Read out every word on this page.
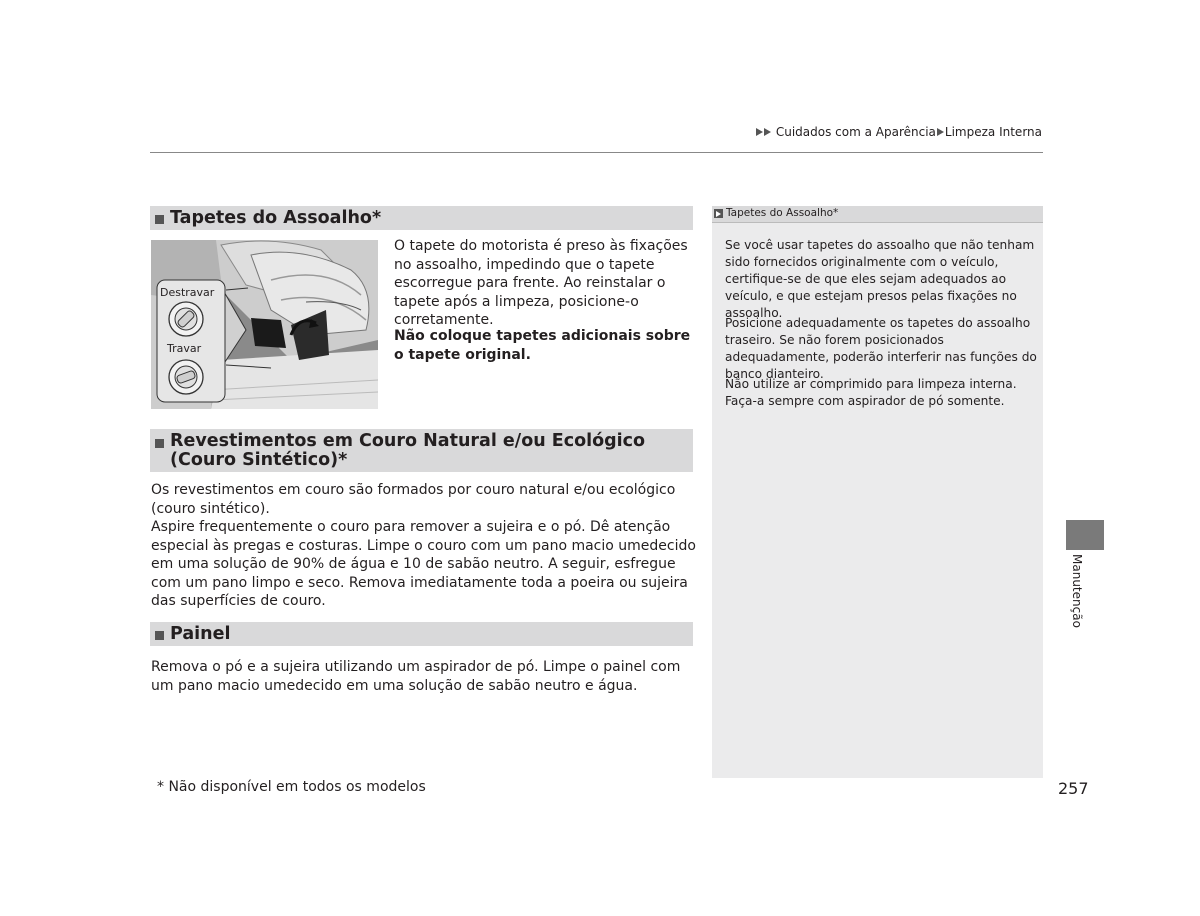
Cuidados com a Aparência Limpeza Interna
Tapetes do Assoalho*
Destravar
Travar
O tapete do motorista é preso às fixações no assoalho, impedindo que o tapete escorregue para frente. Ao reinstalar o tapete após a limpeza, posicione-o corretamente.
Não coloque tapetes adicionais sobre o tapete original.
Revestimentos em Couro Natural e/ou Ecológico
(Couro Sintético)*
Os revestimentos em couro são formados por couro natural e/ou ecológico (couro sintético).
Aspire frequentemente o couro para remover a sujeira e o pó. Dê atenção especial às pregas e costuras. Limpe o couro com um pano macio umedecido em uma solução de 90% de água e 10 de sabão neutro. A seguir, esfregue com um pano limpo e seco. Remova imediatamente toda a poeira ou sujeira das superfícies de couro.
Painel
Remova o pó e a sujeira utilizando um aspirador de pó. Limpe o painel com um pano macio umedecido em uma solução de sabão neutro e água.
Tapetes do Assoalho*
Se você usar tapetes do assoalho que não tenham sido fornecidos originalmente com o veículo, certifique-se de que eles sejam adequados ao veículo, e que estejam presos pelas fixações no assoalho.
Posicione adequadamente os tapetes do assoalho traseiro. Se não forem posicionados adequadamente, poderão interferir nas funções do banco dianteiro.
Não utilize ar comprimido para limpeza interna. Faça-a sempre com aspirador de pó somente.
Manutenção
* Não disponível em todos os modelos	257
